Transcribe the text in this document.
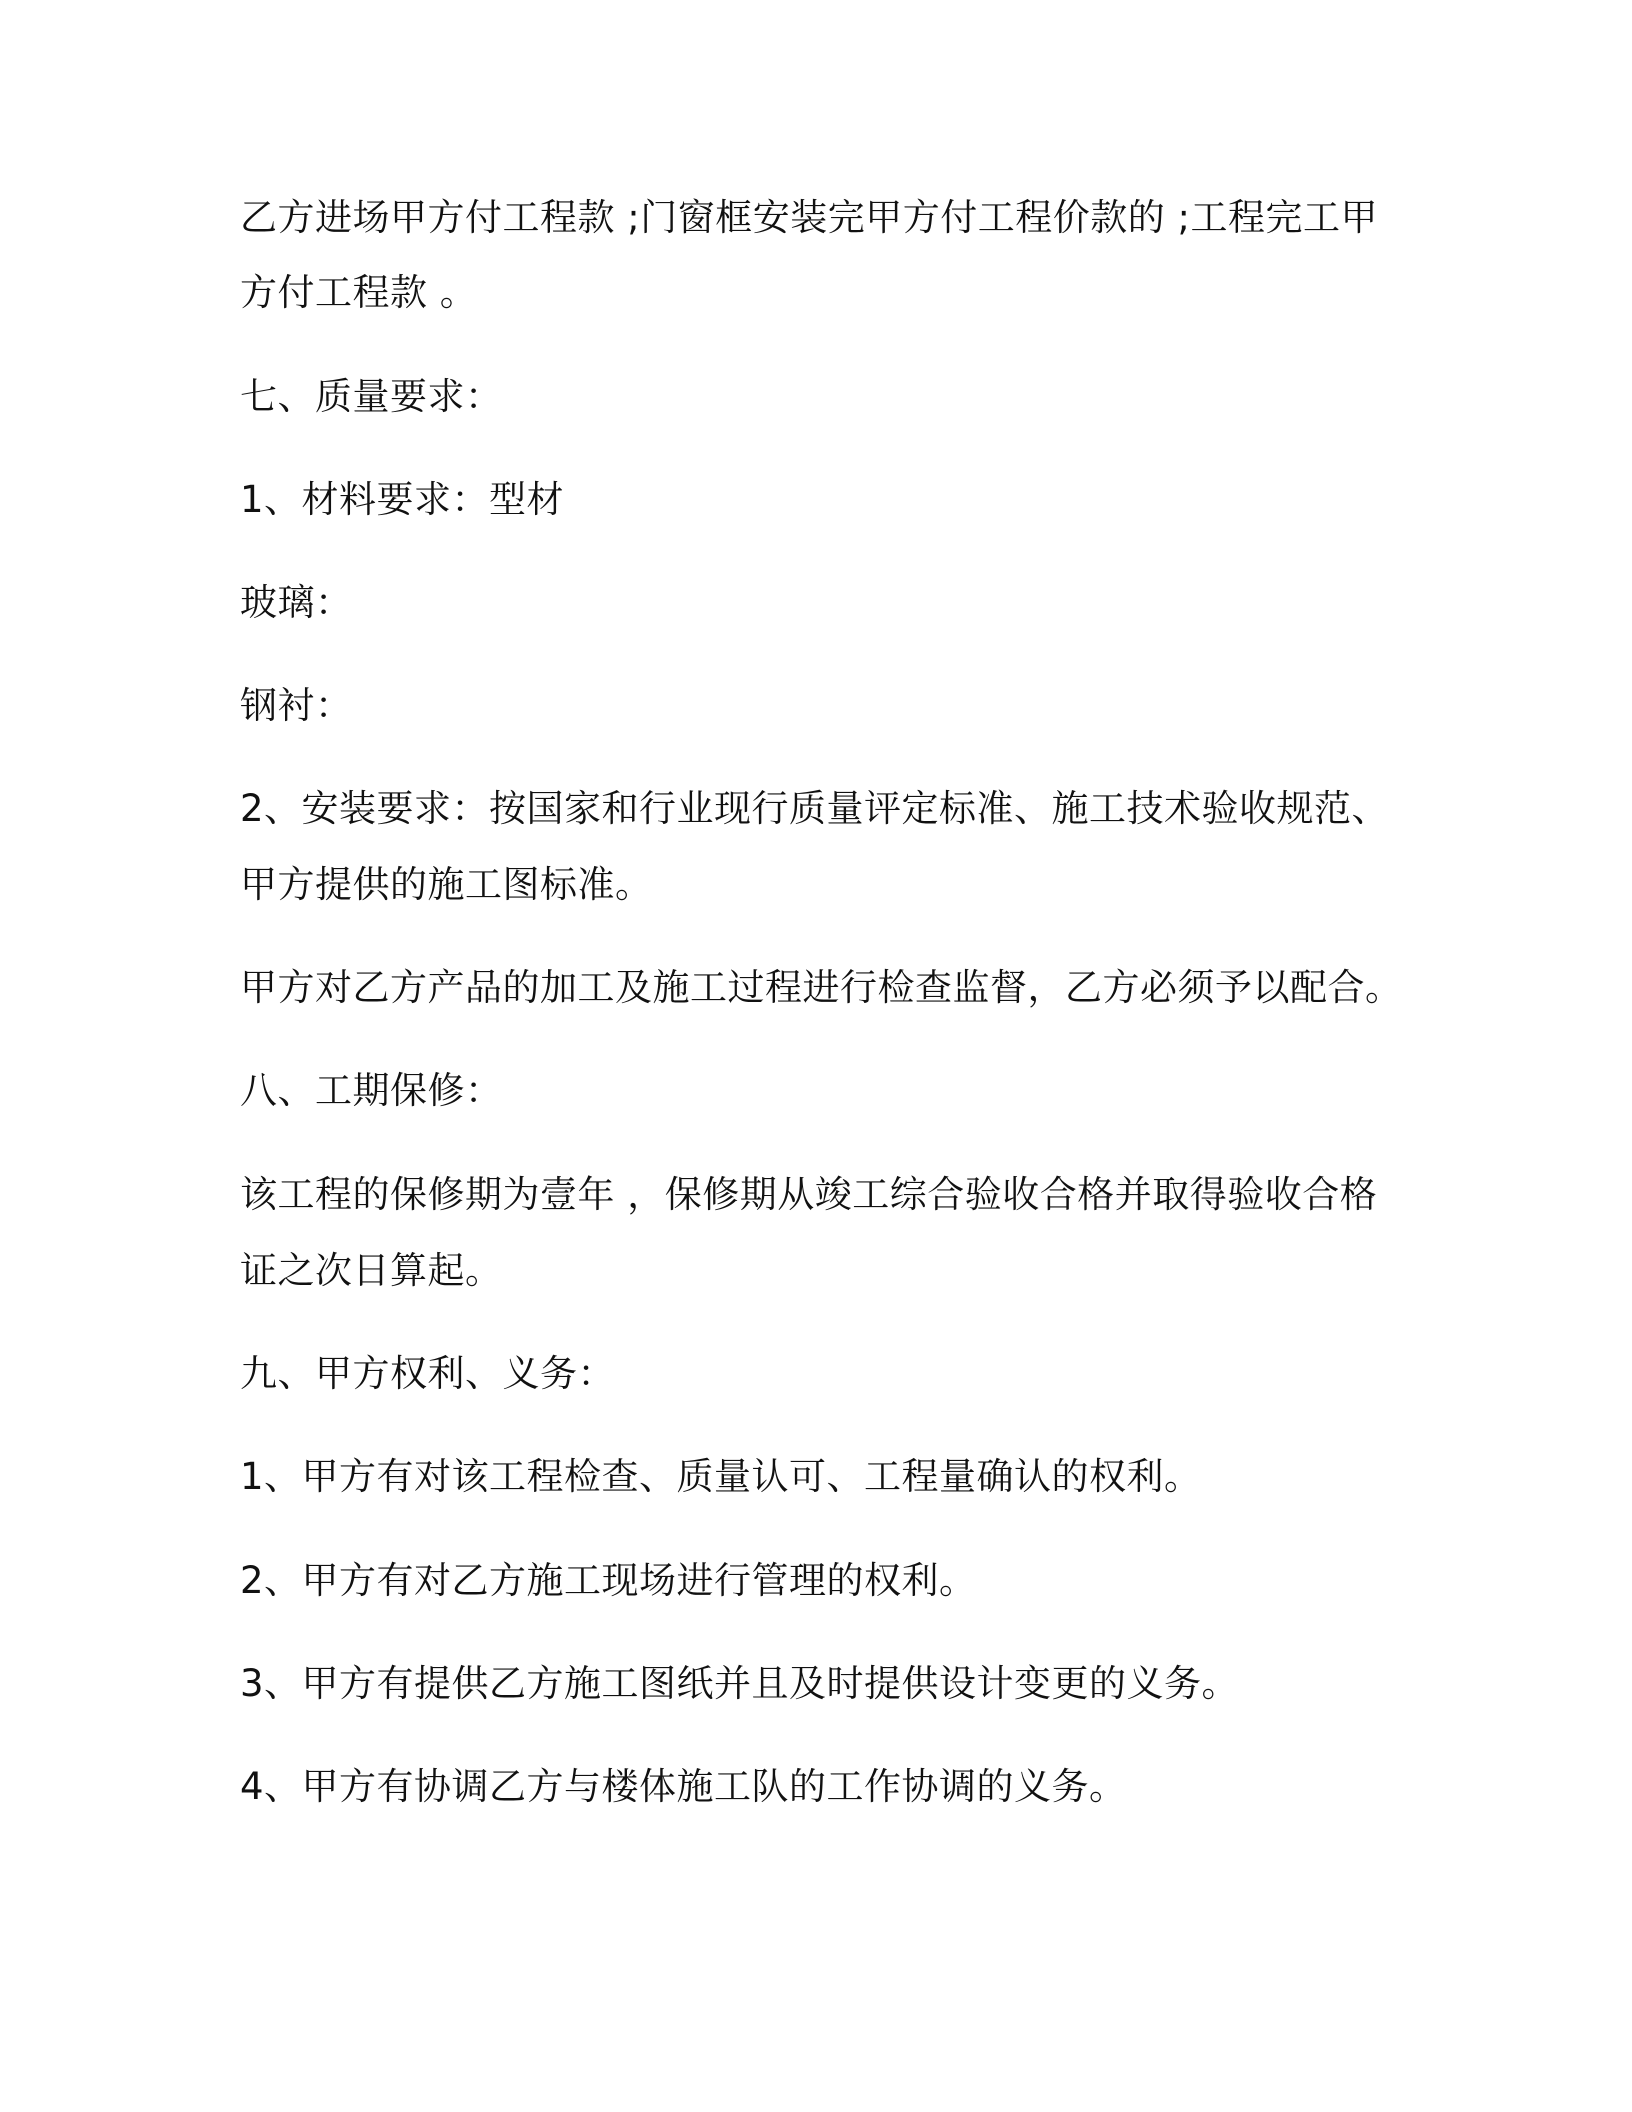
乙方进场甲方付工程款 ;门窗框安装完甲方付工程价款的 ;工程完工甲
方付工程款 。
七、质量要求：
1、材料要求：型材
玻璃：
钢衬：
2、安装要求：按国家和行业现行质量评定标准、施工技术验收规范、
甲方提供的施工图标准。
甲方对乙方产品的加工及施工过程进行检查监督，乙方必须予以配合。
八、工期保修：
该工程的保修期为壹年 ，保修期从竣工综合验收合格并取得验收合格
证之次日算起。
九、甲方权利、义务：
1、甲方有对该工程检查、质量认可、工程量确认的权利。
2、甲方有对乙方施工现场进行管理的权利。
3、甲方有提供乙方施工图纸并且及时提供设计变更的义务。
4、甲方有协调乙方与楼体施工队的工作协调的义务。
